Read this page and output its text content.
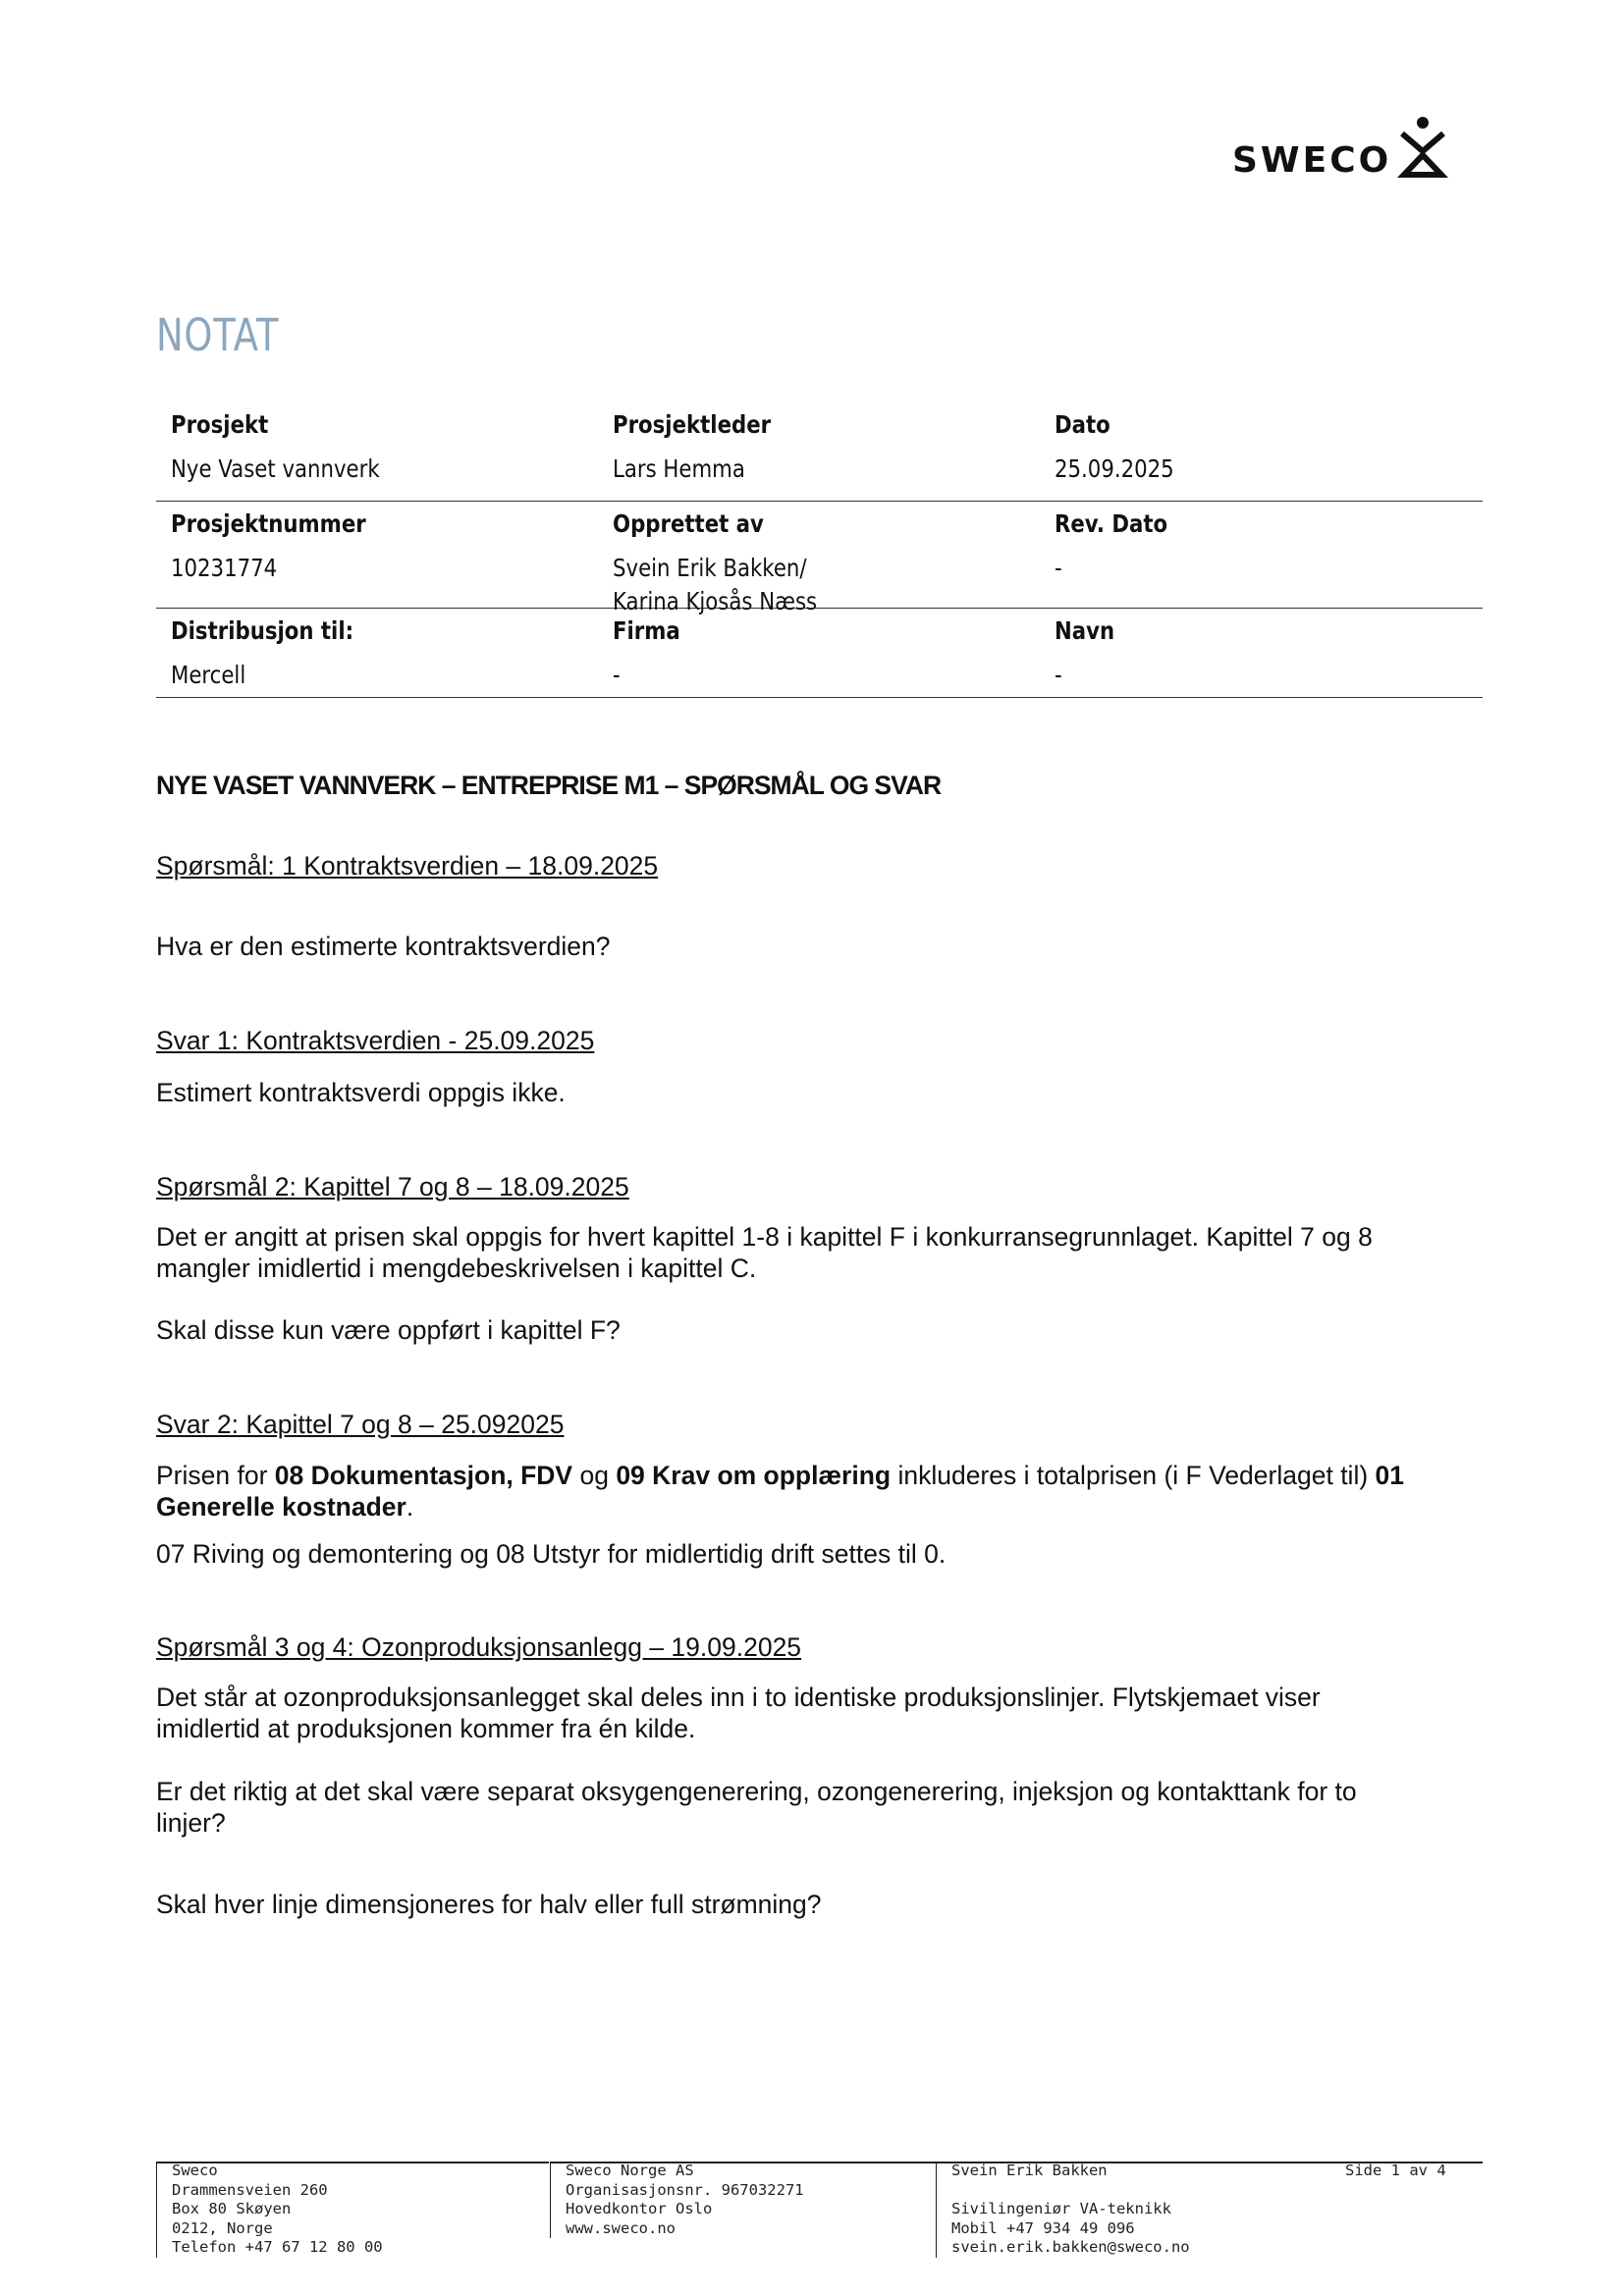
SWECO
NOTAT
Prosjekt
Nye Vaset vannverk
Prosjektleder
Lars Hemma
Dato
25.09.2025
Prosjektnummer
10231774
Opprettet av
Svein Erik Bakken/
Karina Kjosås Næss
Rev. Dato
-
Distribusjon til:
Mercell
Firma
-
Navn
-
NYE VASET VANNVERK – ENTREPRISE M1 – SPØRSMÅL OG SVAR

Spørsmål: 1 Kontraktsverdien – 18.09.2025

Hva er den estimerte kontraktsverdien?

Svar 1: Kontraktsverdien - 25.09.2025

Estimert kontraktsverdi oppgis ikke.

Spørsmål 2: Kapittel 7 og 8 – 18.09.2025

Det er angitt at prisen skal oppgis for hvert kapittel 1-8 i kapittel F i konkurransegrunnlaget. Kapittel 7 og 8
mangler imidlertid i mengdebeskrivelsen i kapittel C.

Skal disse kun være oppført i kapittel F?

Svar 2: Kapittel 7 og 8 – 25.092025

Prisen for 08 Dokumentasjon, FDV og 09 Krav om opplæring inkluderes i totalprisen (i F Vederlaget til) 01
Generelle kostnader.

07 Riving og demontering og 08 Utstyr for midlertidig drift settes til 0.

Spørsmål 3 og 4: Ozonproduksjonsanlegg – 19.09.2025

Det står at ozonproduksjonsanlegget skal deles inn i to identiske produksjonslinjer. Flytskjemaet viser
imidlertid at produksjonen kommer fra én kilde.

Er det riktig at det skal være separat oksygengenerering, ozongenerering, injeksjon og kontakttank for to
linjer?

Skal hver linje dimensjoneres for halv eller full strømning?

Sweco
Drammensveien 260
Box 80 Skøyen
0212, Norge
Telefon +47 67 12 80 00
Sweco Norge AS
Organisasjonsnr. 967032271
Hovedkontor Oslo
www.sweco.no
Svein Erik Bakken
Sivilingeniør VA-teknikk
Mobil +47 934 49 096
svein.erik.bakken@sweco.no
Side 1 av 4
